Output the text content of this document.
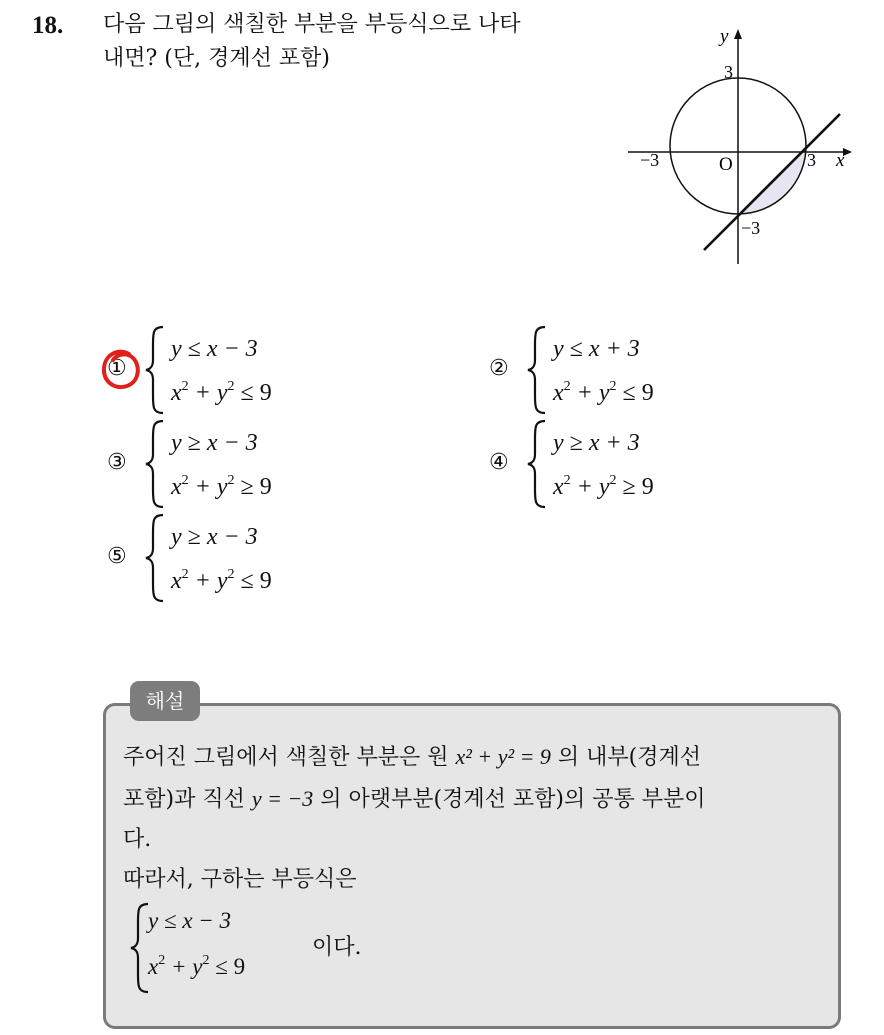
18. 다음 그림의 색칠한 부분을 부등식으로 나타
내면? (단, 경계선 포함)
y
x
O	3
−3
3
−3
①
y ≤ x − 3
$x^2 + y^2 \le 9$
②
y ≤ x + 3
$x^2 + y^2 \le 9$
③
y ≥ x − 3
$x^2 + y^2 \ge 9$
④
y ≥ x + 3
$x^2 + y^2 \ge 9$
⑤
y ≥ x − 3
$x^2 + y^2 \le 9$
해설
주어진 그림에서 색칠한 부분은 원 x² + y² = 9 의 내부(경계선
포함)과 직선 y = −3 의 아랫부분(경계선 포함)의 공통 부분이
다.
따라서, 구하는 부등식은
y ≤ x − 3
$x^2 + y^2 \le 9$
이다.
